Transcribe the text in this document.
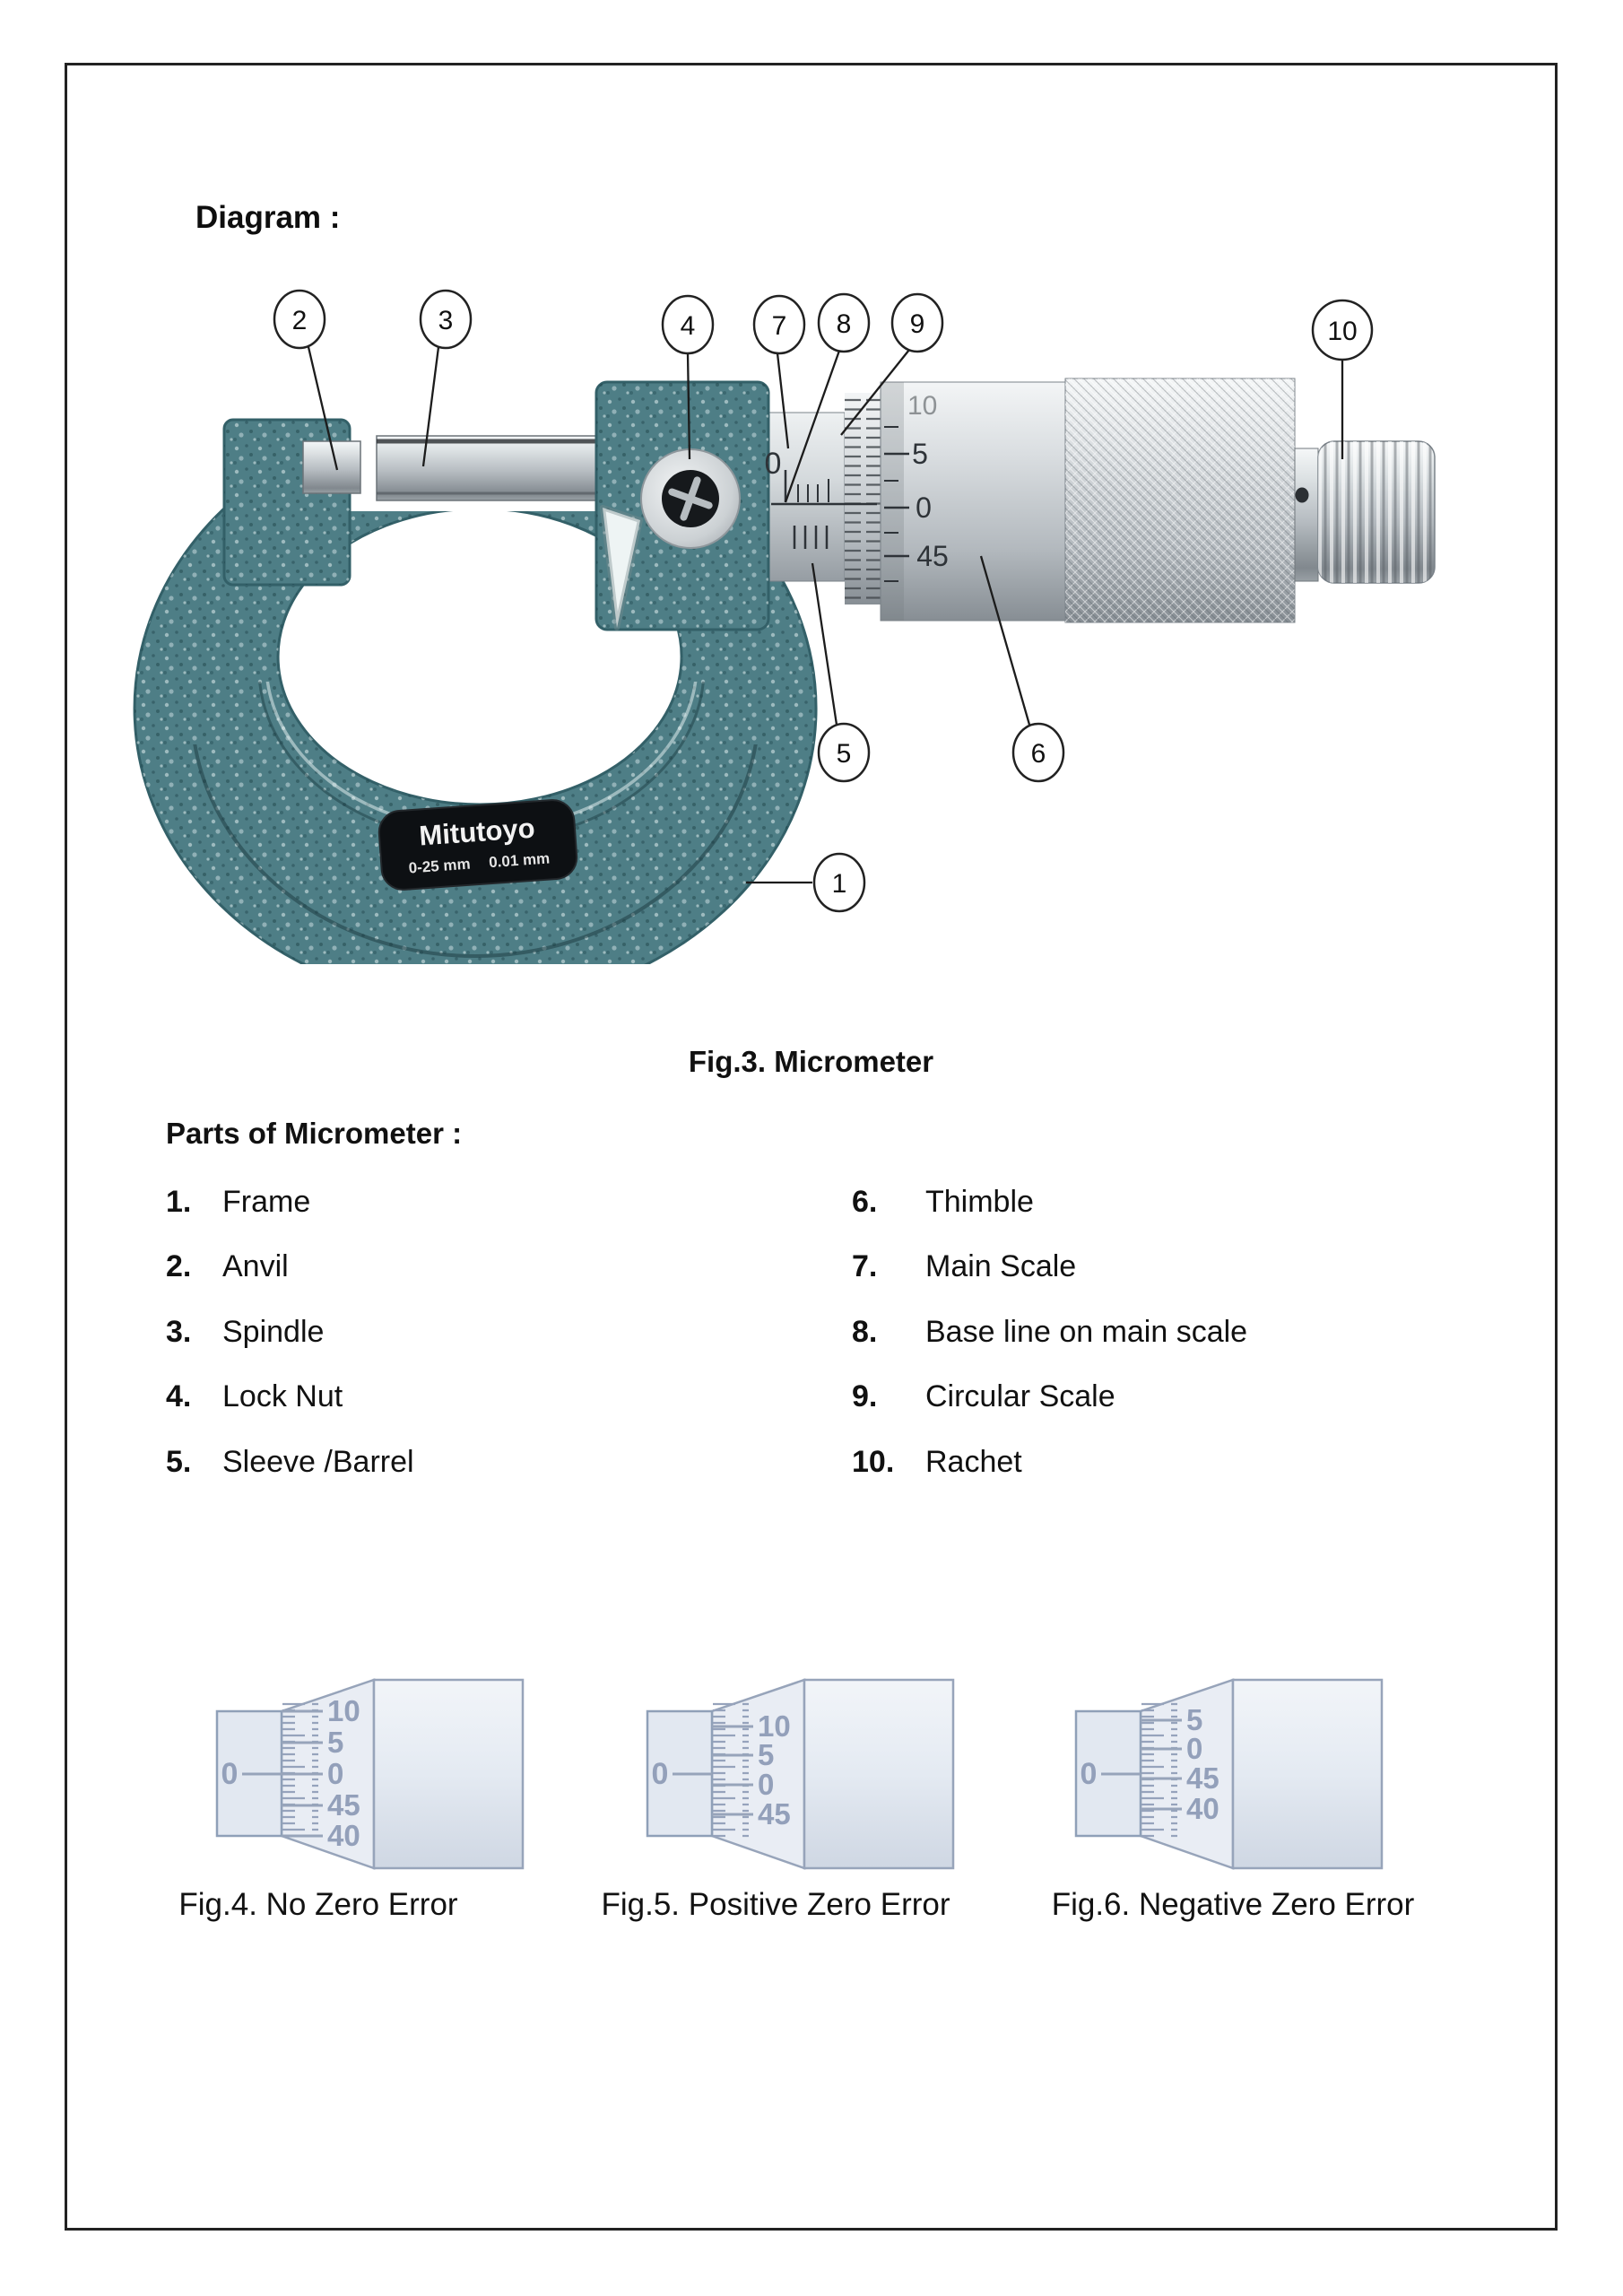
Diagram :
Mitutoyo
0-25 mm 0.01 mm
0
10
5
0
45
2	3	4	7 8 9	10
5	6
1
Fig.3. Micrometer
Parts of Micrometer :
1. Frame
2. Anvil
3. Spindle
4. Lock Nut
5. Sleeve /Barrel
6. Thimble
7. Main Scale
8. Base line on main scale
9. Circular Scale
10. Rachet
10
5
0
45
40
0
10
5
0
45
0
5
0
45
40
0
Fig.4. No Zero Error	Fig.5. Positive Zero Error	Fig.6. Negative Zero Error
